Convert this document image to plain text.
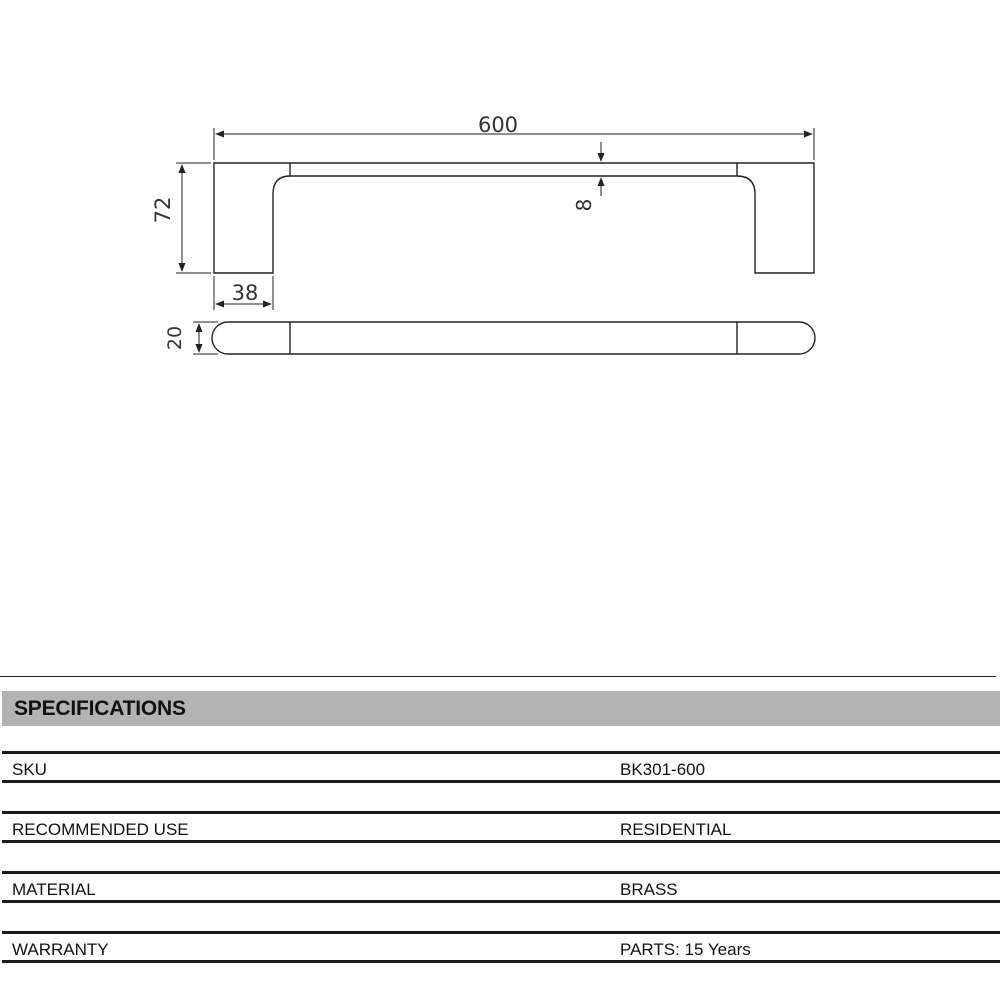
600
72	8
38
20
SPECIFICATIONS
SKU	BK301-600
RECOMMENDED USE	RESIDENTIAL
MATERIAL	BRASS
WARRANTY	PARTS: 15 Years
